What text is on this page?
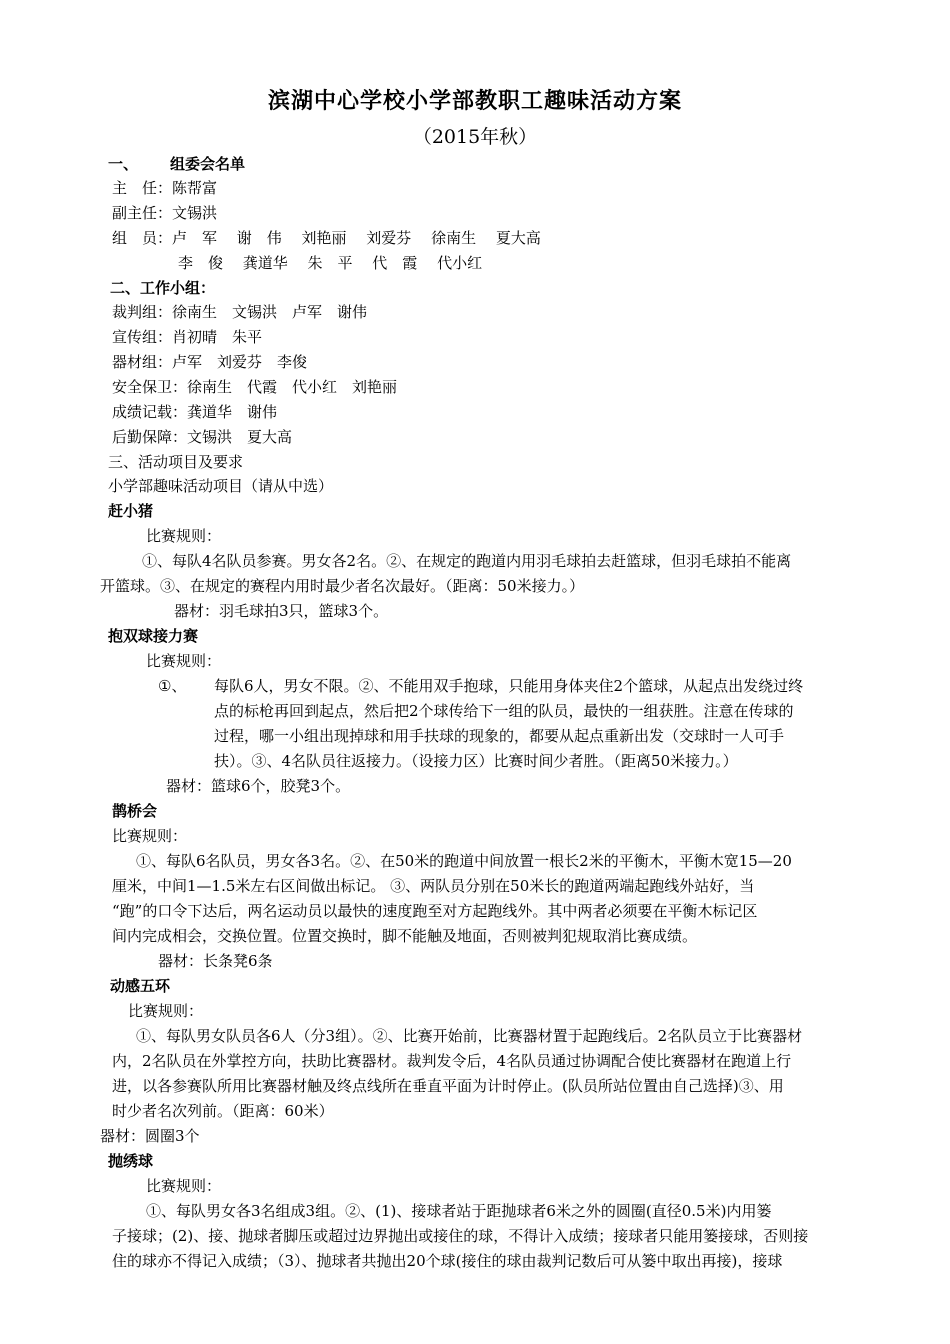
滨湖中心学校小学部教职工趣味活动方案
（2015年秋）
一、 组委会名单
主　任：陈帮富
副主任：文锡洪
组　员：卢　军　 谢　伟　 刘艳丽　 刘爱芬　 徐南生　 夏大高
李　俊　 龚道华　 朱　平　 代　霞　 代小红
二、工作小组：
裁判组：徐南生　文锡洪　卢军　谢伟
宣传组：肖初晴　朱平
器材组：卢军　刘爱芬　李俊
安全保卫：徐南生　代霞　代小红　刘艳丽
成绩记载：龚道华　谢伟
后勤保障：文锡洪　夏大高
三、活动项目及要求
小学部趣味活动项目（请从中选）
赶小猪
比赛规则：
①、每队4名队员参赛。男女各2名。②、在规定的跑道内用羽毛球拍去赶篮球，但羽毛球拍不能离
开篮球。③、在规定的赛程内用时最少者名次最好。（距离：50米接力。）
器材：羽毛球拍3只，篮球3个。
抱双球接力赛
比赛规则：
①、 每队6人，男女不限。②、不能用双手抱球，只能用身体夹住2个篮球，从起点出发绕过终
点的标枪再回到起点，然后把2个球传给下一组的队员，最快的一组获胜。注意在传球的
过程，哪一小组出现掉球和用手扶球的现象的，都要从起点重新出发（交球时一人可手
扶）。③、4名队员往返接力。（设接力区）比赛时间少者胜。（距离50米接力。）
器材：篮球6个，胶凳3个。
鹊桥会
比赛规则：
①、每队6名队员，男女各3名。②、在50米的跑道中间放置一根长2米的平衡木，平衡木宽15—20
厘米，中间1—1.5米左右区间做出标记。 ③、两队员分别在50米长的跑道两端起跑线外站好，当
“跑”的口令下达后，两名运动员以最快的速度跑至对方起跑线外。其中两者必须要在平衡木标记区
间内完成相会，交换位置。位置交换时，脚不能触及地面，否则被判犯规取消比赛成绩。
器材：长条凳6条
动感五环
比赛规则：
①、每队男女队员各6人（分3组）。②、比赛开始前，比赛器材置于起跑线后。2名队员立于比赛器材
内，2名队员在外掌控方向，扶助比赛器材。裁判发令后，4名队员通过协调配合使比赛器材在跑道上行
进，以各参赛队所用比赛器材触及终点线所在垂直平面为计时停止。(队员所站位置由自己选择)③、用
时少者名次列前。（距离：60米）
器材：圆圈3个
抛绣球
比赛规则：
①、每队男女各3名组成3组。②、(1)、接球者站于距抛球者6米之外的圆圈(直径0.5米)内用篓
子接球；(2)、接、抛球者脚压或超过边界抛出或接住的球，不得计入成绩；接球者只能用篓接球，否则接
住的球亦不得记入成绩；（3）、抛球者共抛出20个球(接住的球由裁判记数后可从篓中取出再接)，接球
